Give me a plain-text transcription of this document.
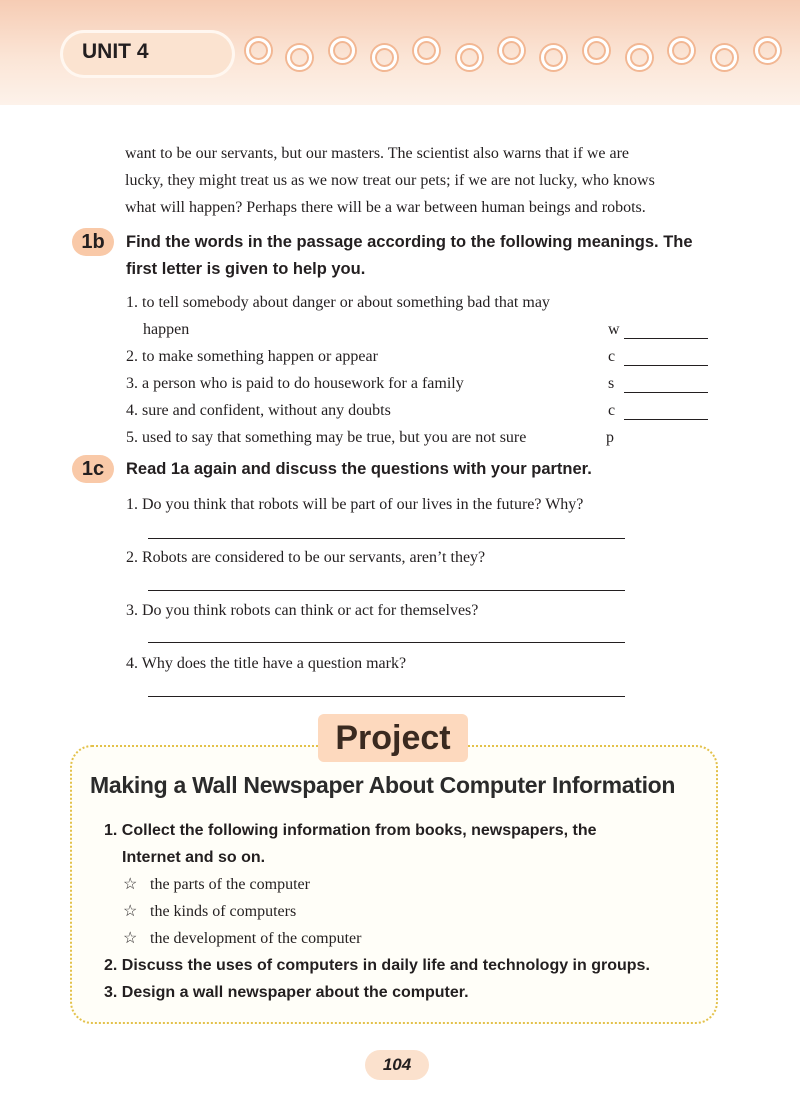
UNIT 4
want to be our servants, but our masters. The scientist also warns that if we are
lucky, they might treat us as we now treat our pets; if we are not lucky, who knows
what will happen? Perhaps there will be a war between human beings and robots.
1b	Find the words in the passage according to the following meanings. The
first letter is given to help you.
1. to tell somebody about danger or about something bad that may
happen	w
2. to make something happen or appear	c
3. a person who is paid to do housework for a family	s
4. sure and confident, without any doubts	c
5. used to say that something may be true, but you are not sure	p
1c	Read 1a again and discuss the questions with your partner.
1. Do you think that robots will be part of our lives in the future? Why?
2. Robots are considered to be our servants, aren’t they?
3. Do you think robots can think or act for themselves?
4. Why does the title have a question mark?
Project
Making a Wall Newspaper About Computer Information
1. Collect the following information from books, newspapers, the
Internet and so on.
☆ the parts of the computer
☆ the kinds of computers
☆ the development of the computer
2. Discuss the uses of computers in daily life and technology in groups.
3. Design a wall newspaper about the computer.
104
